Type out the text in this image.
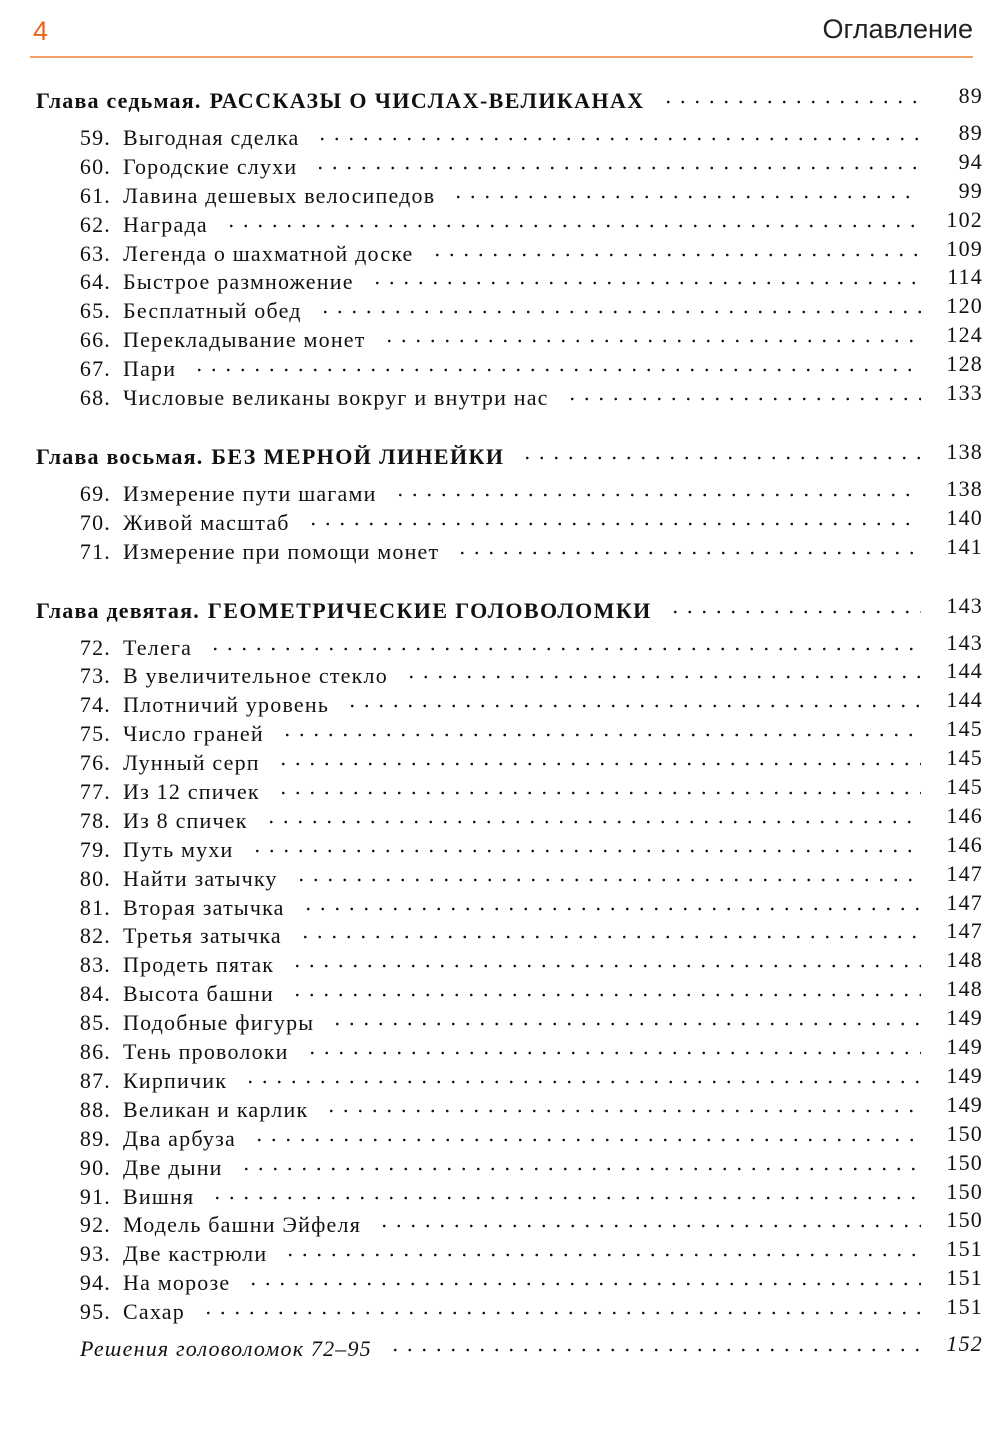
4	Оглавление
Глава седьмая. РАССКАЗЫ О ЧИСЛАХ-ВЕЛИКАНАХ	89
59. Выгодная сделка	89
60. Городские слухи	94
61. Лавина дешевых велосипедов	99
62. Награда	102
63. Легенда о шахматной доске	109
64. Быстрое размножение	114
65. Бесплатный обед	120
66. Перекладывание монет	124
67. Пари	128
68. Числовые великаны вокруг и внутри нас	133
Глава восьмая. БЕЗ МЕРНОЙ ЛИНЕЙКИ	138
69. Измерение пути шагами	138
70. Живой масштаб	140
71. Измерение при помощи монет	141
Глава девятая. ГЕОМЕТРИЧЕСКИЕ ГОЛОВОЛОМКИ	143
72. Телега	143
73. В увеличительное стекло	144
74. Плотничий уровень	144
75. Число граней	145
76. Лунный серп	145
77. Из 12 спичек	145
78. Из 8 спичек	146
79. Путь мухи	146
80. Найти затычку	147
81. Вторая затычка	147
82. Третья затычка	147
83. Продеть пятак	148
84. Высота башни	148
85. Подобные фигуры	149
86. Тень проволоки	149
87. Кирпичик	149
88. Великан и карлик	149
89. Два арбуза	150
90. Две дыни	150
91. Вишня	150
92. Модель башни Эйфеля	150
93. Две кастрюли	151
94. На морозе	151
95. Сахар	151
Решения головоломок 72–95	152
